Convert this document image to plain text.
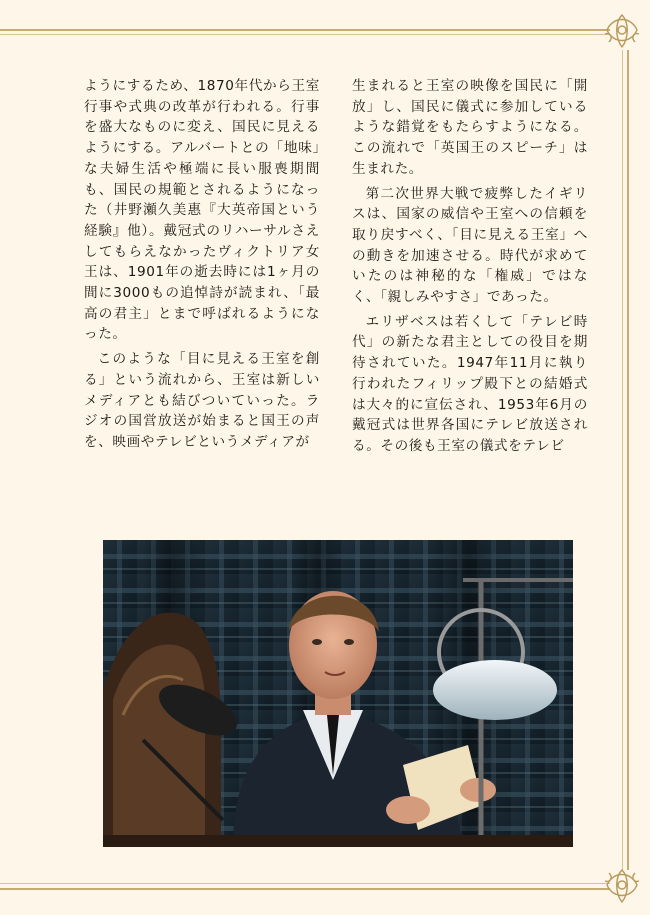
ようにするため、1870年代から王室行事や式典の改革が行われる。行事を盛大なものに変え、国民に見えるようにする。アルバートとの「地味」な夫婦生活や極端に長い服喪期間も、国民の規範とされるようになった（井野瀬久美惠『大英帝国という経験』他）。戴冠式のリハーサルさえしてもらえなかったヴィクトリア女王は、1901年の逝去時には1ヶ月の間に3000もの追悼詩が読まれ、「最高の君主」とまで呼ばれるようになった。

このような「目に見える王室を創る」という流れから、王室は新しいメディアとも結びついていった。ラジオの国営放送が始まると国王の声を、映画やテレビというメディアが

生まれると王室の映像を国民に「開放」し、国民に儀式に参加しているような錯覚をもたらすようになる。この流れで「英国王のスピーチ」は生まれた。

第二次世界大戦で疲弊したイギリスは、国家の威信や王室への信頼を取り戻すべく、「目に見える王室」への動きを加速させる。時代が求めていたのは神秘的な「権威」ではなく、「親しみやすさ」であった。

エリザベスは若くして「テレビ時代」の新たな君主としての役目を期待されていた。1947年11月に執り行われたフィリップ殿下との結婚式は大々的に宣伝され、1953年6月の戴冠式は世界各国にテレビ放送される。その後も王室の儀式をテレビ
